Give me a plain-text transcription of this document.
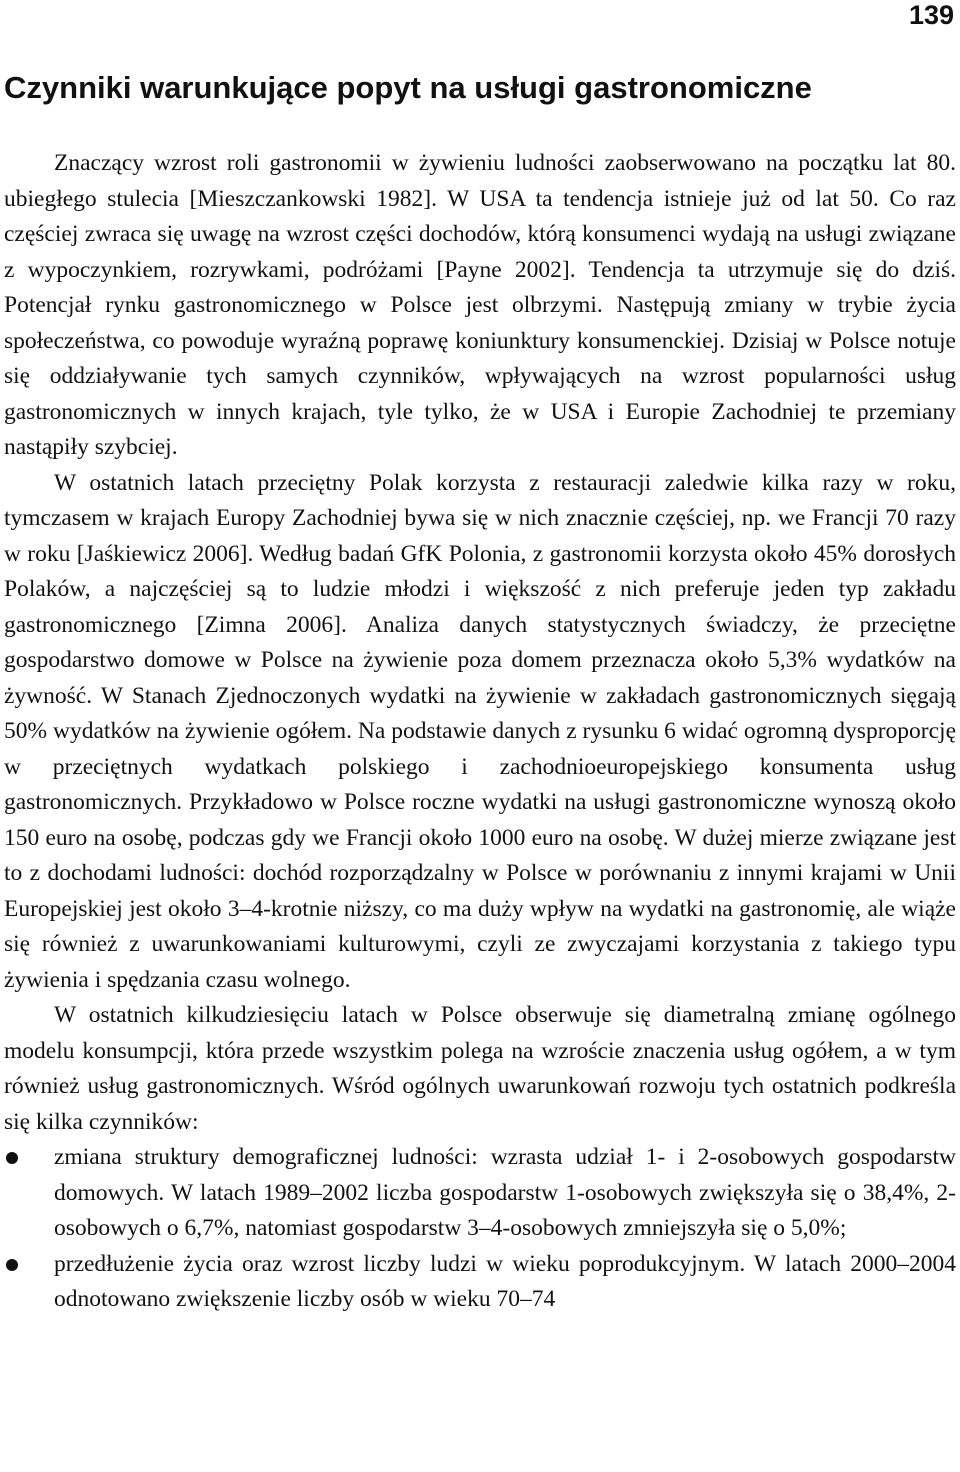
139
Czynniki warunkujące popyt na usługi gastronomiczne

Znaczący wzrost roli gastronomii w żywieniu ludności zaobserwowano na początku lat 80. ubiegłego stulecia [Mieszczankowski 1982]. W USA ta tendencja istnieje już od lat 50. Co raz częściej zwraca się uwagę na wzrost części dochodów, którą konsumenci wydają na usługi związane z wypoczynkiem, rozrywkami, podróżami [Payne 2002]. Tendencja ta utrzymuje się do dziś. Potencjał rynku gastronomicznego w Polsce jest olbrzymi. Następują zmiany w trybie życia społeczeństwa, co powoduje wyraźną poprawę koniunktury konsumenckiej. Dzisiaj w Polsce notuje się oddziaływanie tych samych czynników, wpływających na wzrost popularności usług gastronomicznych w innych krajach, tyle tylko, że w USA i Europie Zachodniej te przemiany nastąpiły szybciej.

W ostatnich latach przeciętny Polak korzysta z restauracji zaledwie kilka razy w roku, tymczasem w krajach Europy Zachodniej bywa się w nich znacznie częściej, np. we Francji 70 razy w roku [Jaśkiewicz 2006]. Według badań GfK Polonia, z gastronomii korzysta około 45% dorosłych Polaków, a najczęściej są to ludzie młodzi i większość z nich preferuje jeden typ zakładu gastronomicznego [Zimna 2006]. Analiza danych statystycznych świadczy, że przeciętne gospodarstwo domowe w Polsce na żywienie poza domem przeznacza około 5,3% wydatków na żywność. W Stanach Zjednoczonych wydatki na żywienie w zakładach gastronomicznych sięgają 50% wydatków na żywienie ogółem. Na podstawie danych z rysunku 6 widać ogromną dysproporcję w przeciętnych wydatkach polskiego i zachodnioeuropejskiego konsumenta usług gastronomicznych. Przykładowo w Polsce roczne wydatki na usługi gastronomiczne wynoszą około 150 euro na osobę, podczas gdy we Francji około 1000 euro na osobę. W dużej mierze związane jest to z dochodami ludności: dochód rozporządzalny w Polsce w porównaniu z innymi krajami w Unii Europejskiej jest około 3–4-krotnie niższy, co ma duży wpływ na wydatki na gastronomię, ale wiąże się również z uwarunkowaniami kulturowymi, czyli ze zwyczajami korzystania z takiego typu żywienia i spędzania czasu wolnego.

W ostatnich kilkudziesięciu latach w Polsce obserwuje się diametralną zmianę ogólnego modelu konsumpcji, która przede wszystkim polega na wzroście znaczenia usług ogółem, a w tym również usług gastronomicznych. Wśród ogólnych uwarunkowań rozwoju tych ostatnich podkreśla się kilka czynników:

zmiana struktury demograficznej ludności: wzrasta udział 1- i 2-osobowych gospodarstw domowych. W latach 1989–2002 liczba gospodarstw 1-osobowych zwiększyła się o 38,4%, 2-osobowych o 6,7%, natomiast gospodarstw 3–4-osobowych zmniejszyła się o 5,0%;
przedłużenie życia oraz wzrost liczby ludzi w wieku poprodukcyjnym. W latach 2000–2004 odnotowano zwiększenie liczby osób w wieku 70–74
